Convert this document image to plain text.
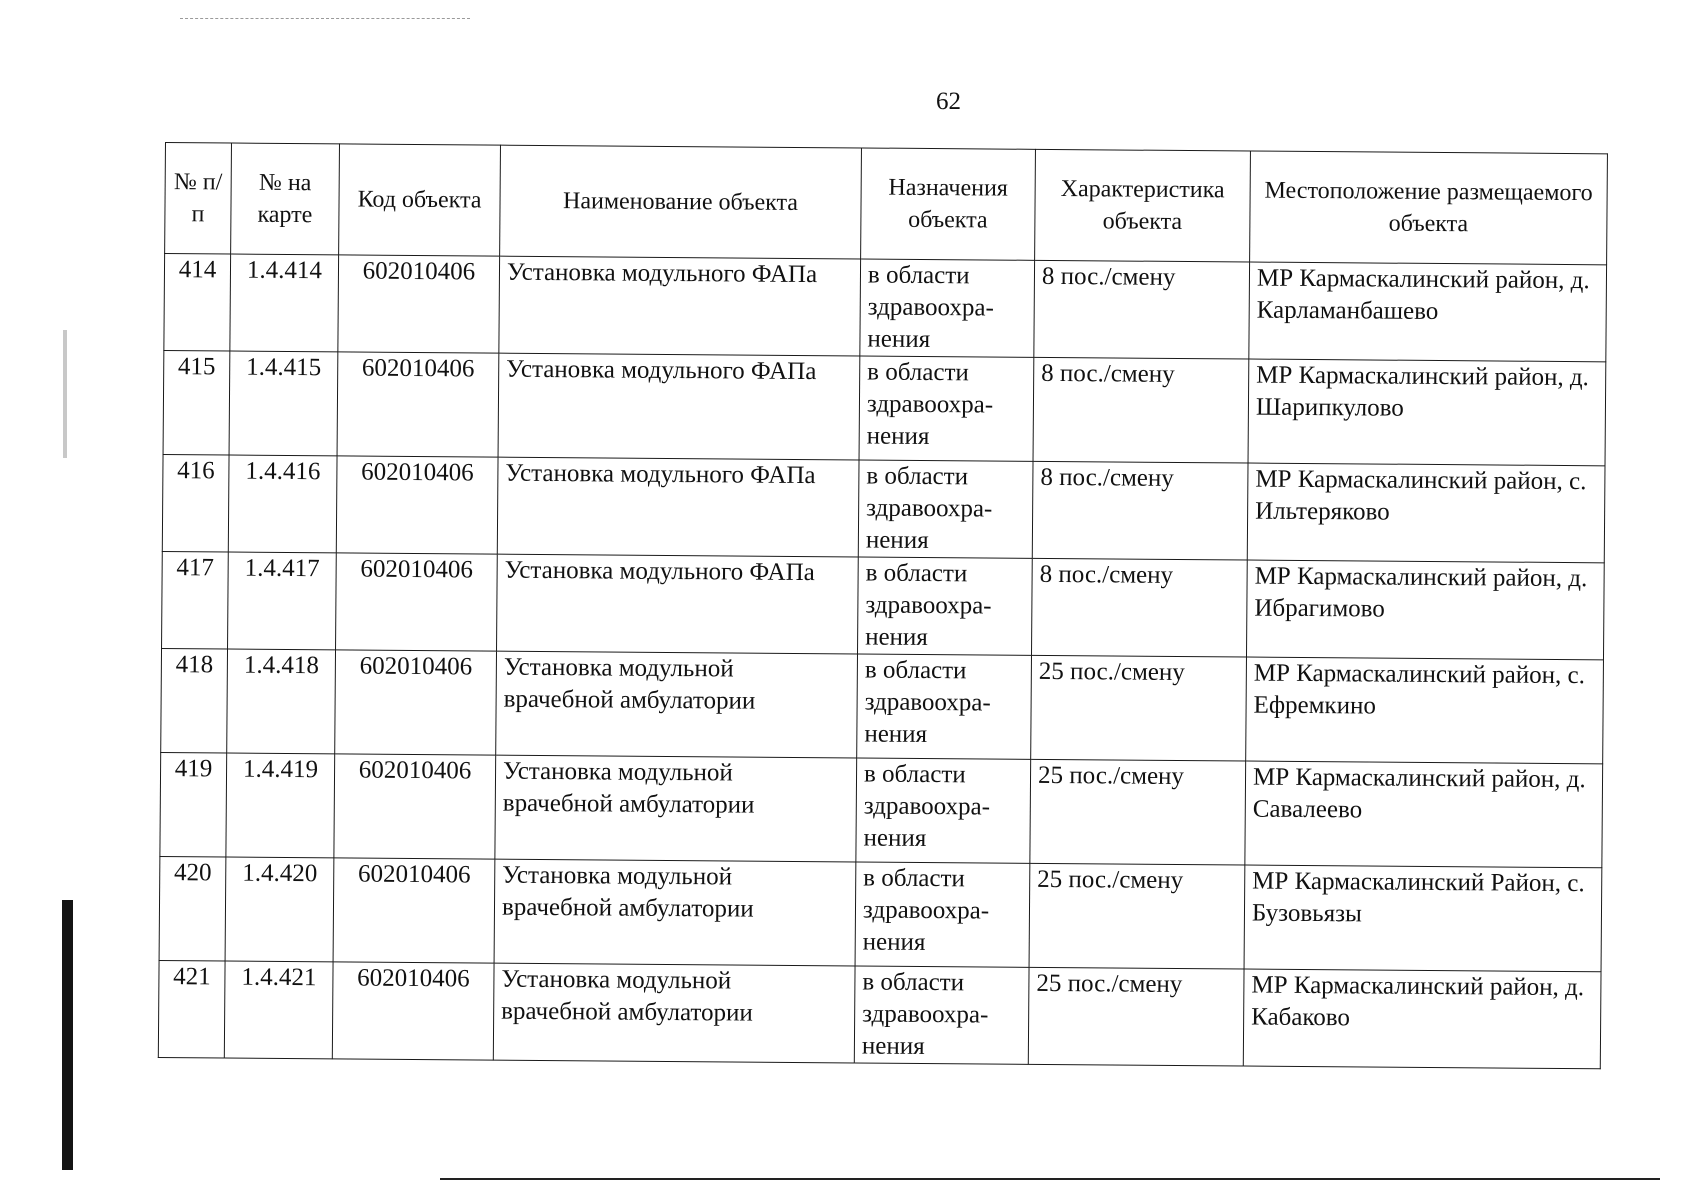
62
№ п/п	№ на карте	Код объекта	Наименование объекта	Назначения объекта	Характеристика объекта	Местоположение размещаемого объекта
414	1.4.414	602010406	Установка модульного ФАПа	в области здравоохра-нения	8 пос./смену	МР Кармаскалинский район, д. Карламанбашево
415	1.4.415	602010406	Установка модульного ФАПа	в области здравоохра-нения	8 пос./смену	МР Кармаскалинский район, д. Шарипкулово
416	1.4.416	602010406	Установка модульного ФАПа	в области здравоохра-нения	8 пос./смену	МР Кармаскалинский район, с. Ильтеряково
417	1.4.417	602010406	Установка модульного ФАПа	в области здравоохра-нения	8 пос./смену	МР Кармаскалинский район, д. Ибрагимово
418	1.4.418	602010406	Установка модульной врачебной амбулатории	в области здравоохра-нения	25 пос./смену	МР Кармаскалинский район, с. Ефремкино
419	1.4.419	602010406	Установка модульной врачебной амбулатории	в области здравоохра-нения	25 пос./смену	МР Кармаскалинский район, д. Савалеево
420	1.4.420	602010406	Установка модульной врачебной амбулатории	в области здравоохра-нения	25 пос./смену	МР Кармаскалинский Район, с. Бузовьязы
421	1.4.421	602010406	Установка модульной врачебной амбулатории	в области здравоохра-нения	25 пос./смену	МР Кармаскалинский район, д. Кабаково
